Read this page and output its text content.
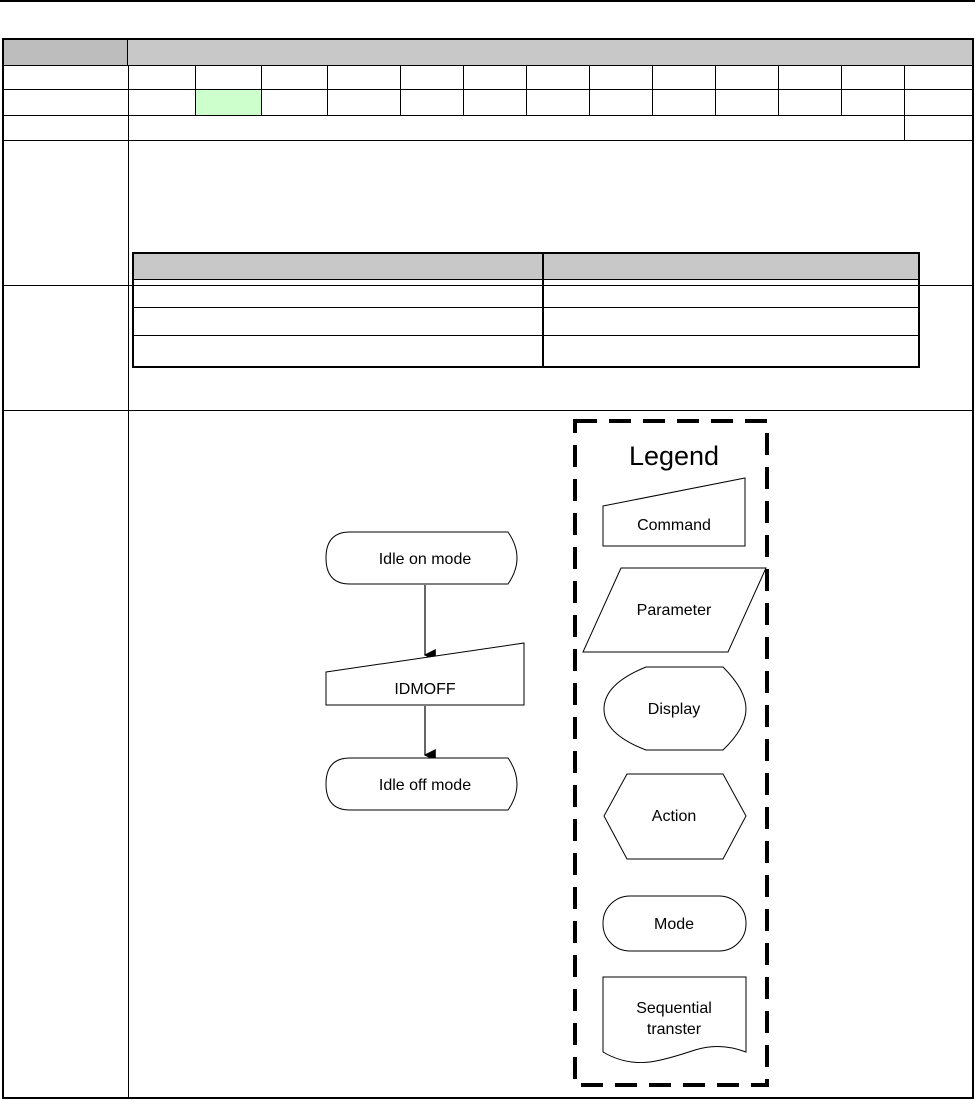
Idle on mode
IDMOFF
Idle off mode
Legend
Command
Parameter
Display
Action
Mode
Sequential
transter
